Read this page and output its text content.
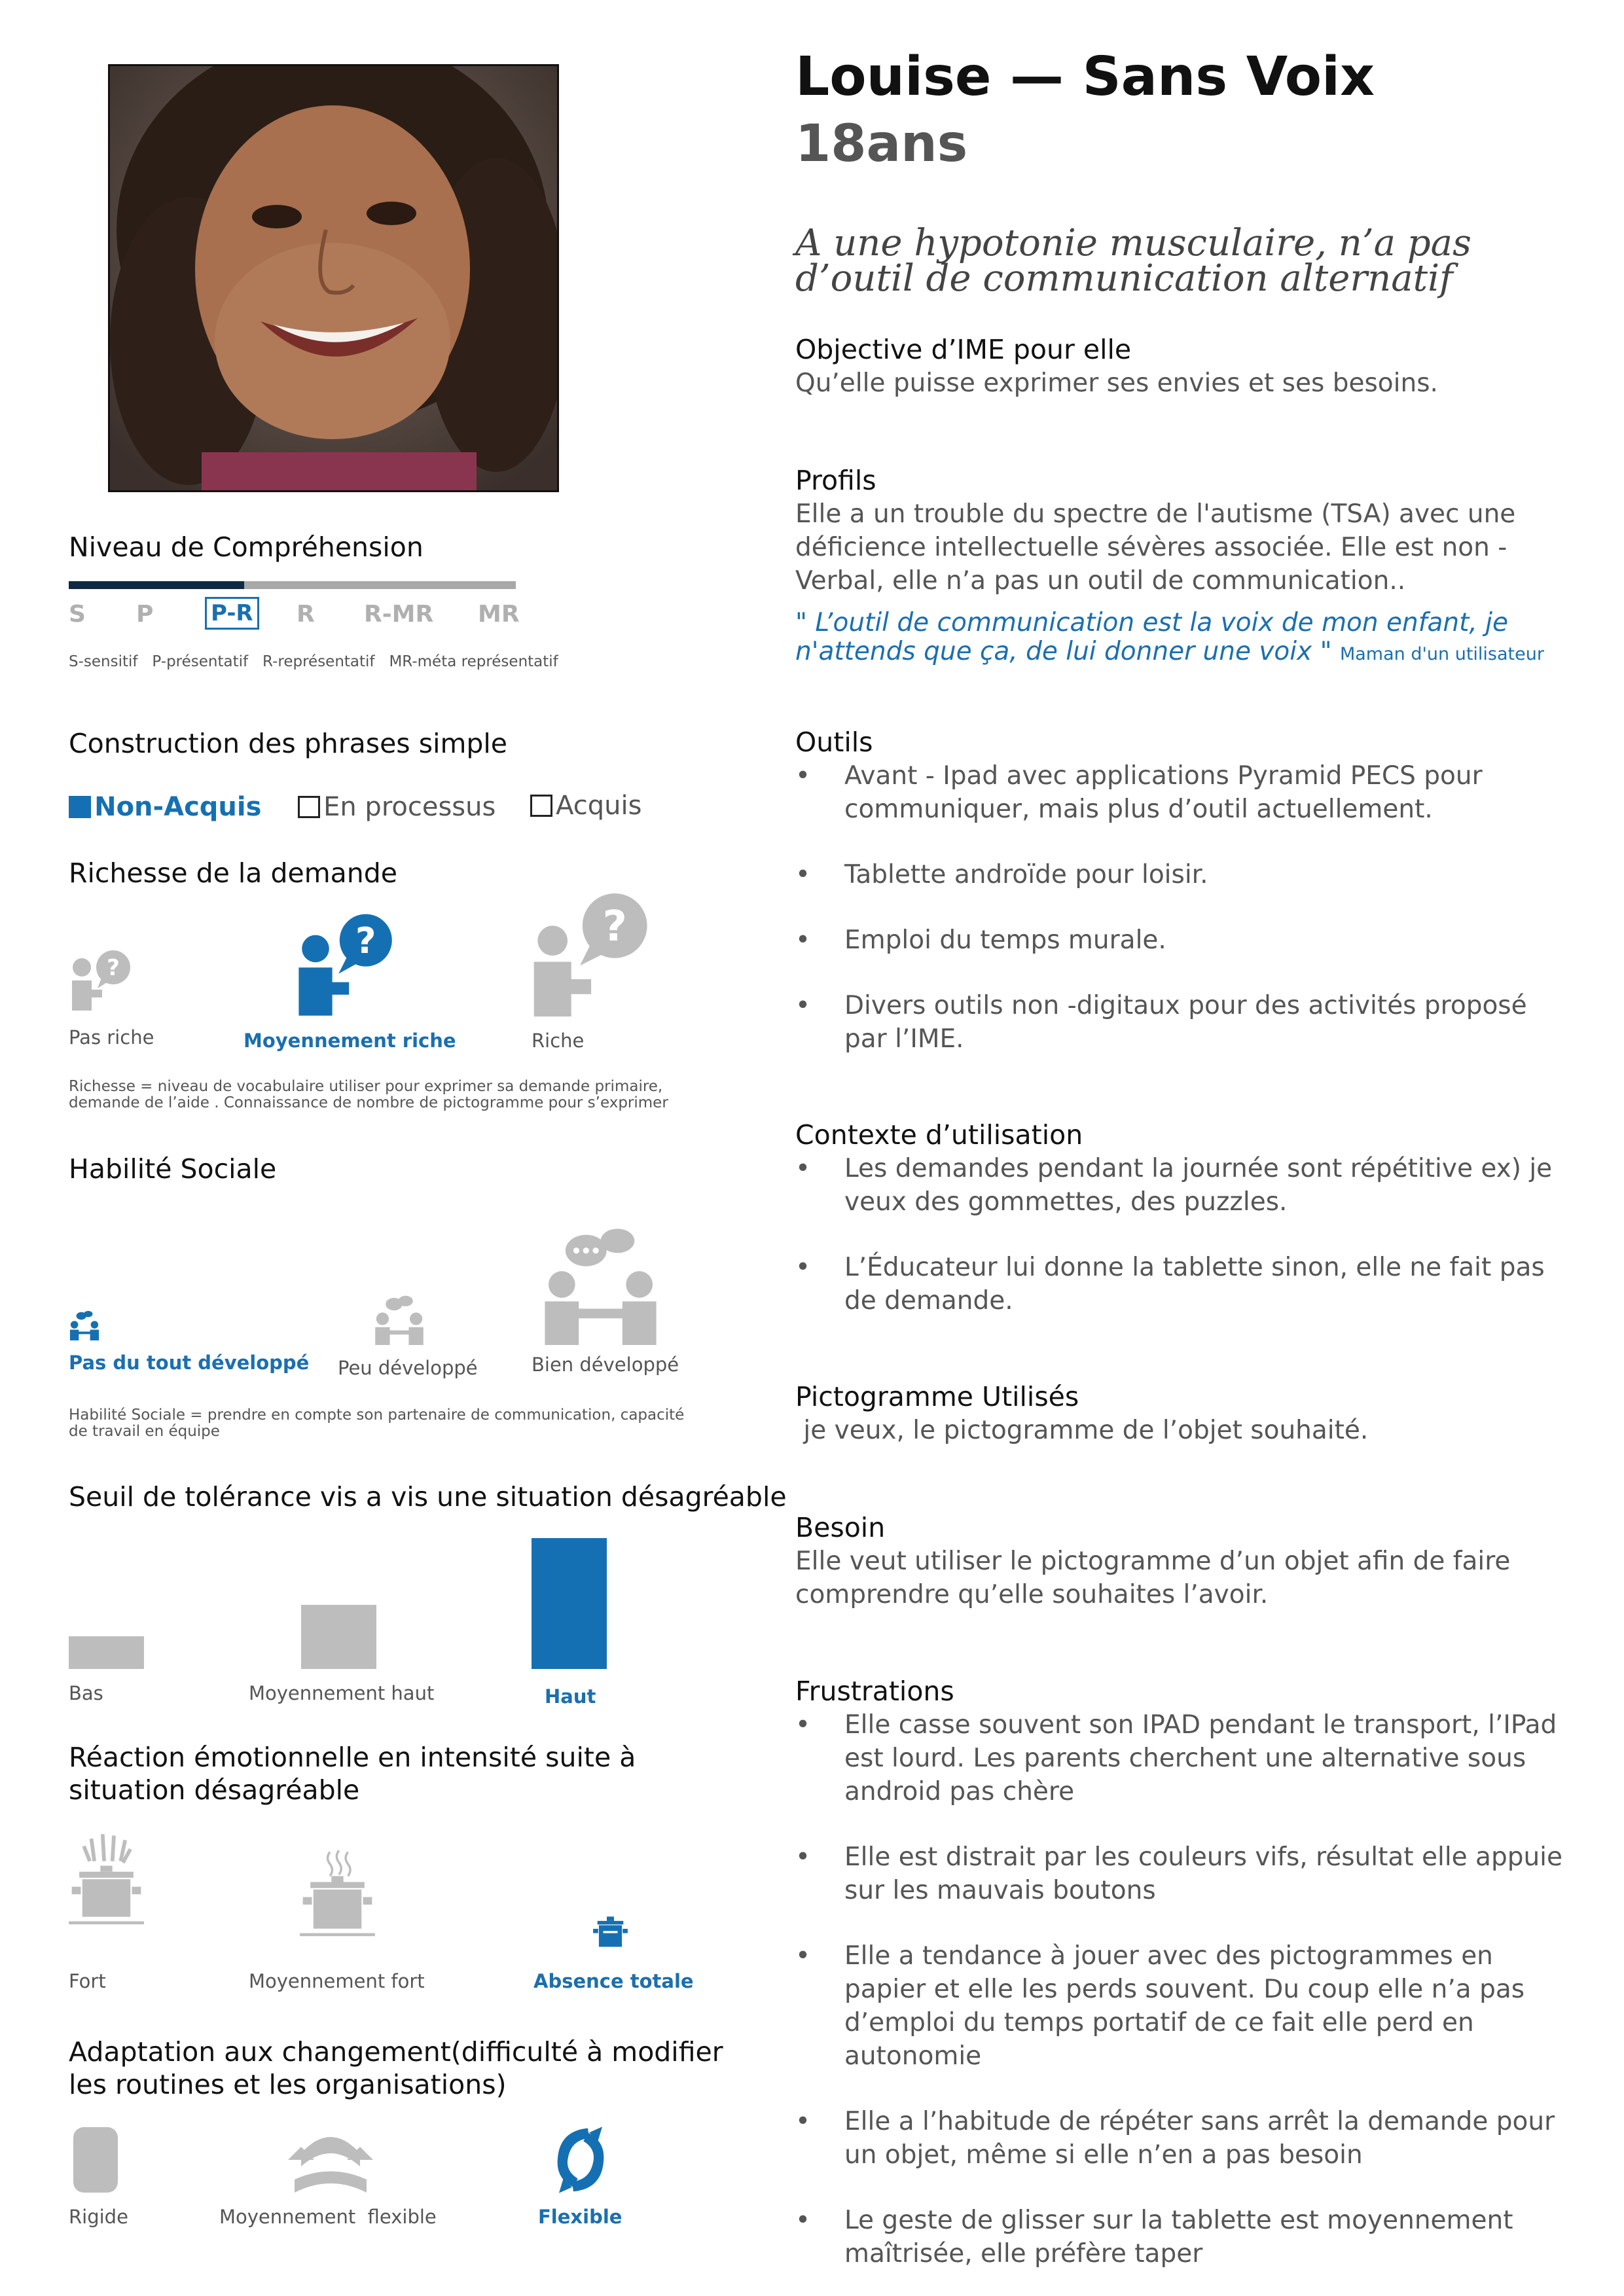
Niveau de Compréhension
S P	P-R R R-MR MR
S-sensitif   P-présentatif   R-représentatif   MR-méta représentatif
Construction des phrases simple
Non-Acquis	En processus	Acquis
Richesse de la demande
?
?	?
Pas riche	Moyennement riche	Riche
Richesse = niveau de vocabulaire utiliser pour exprimer sa demande primaire, demande de l’aide . Connaissance de nombre de pictogramme pour s’exprimer
Habilité Sociale
Pas du tout développé Peu développé	Bien développé
Habilité Sociale = prendre en compte son partenaire de communication, capacité de travail en équipe
Seuil de tolérance vis a vis une situation désagréable
Bas	Moyennement haut	Haut
Réaction émotionnelle en intensité suite à situation désagréable
Fort	Moyennement fort	Absence totale
Adaptation aux changement(difficulté à modifier les routines et les organisations)
Rigide	Moyennement  flexible	Flexible
Louise — Sans Voix
18ans
A une hypotonie musculaire, n’a pas d’outil de communication alternatif
Objective d’IME pour elle
Qu’elle puisse exprimer ses envies et ses besoins.
Profils
Elle a un trouble du spectre de l'autisme (TSA) avec une déficience intellectuelle sévères associée. Elle est non -Verbal, elle n’a pas un outil de communication..
" L’outil de communication est la voix de mon enfant, je n'attends que ça, de lui donner une voix " Maman d'un utilisateur
Outils
• Avant - Ipad avec applications Pyramid PECS pour communiquer, mais plus d’outil actuellement.
• Tablette androïde pour loisir.
• Emploi du temps murale.
• Divers outils non -digitaux pour des activités proposé par l’IME.
Contexte d’utilisation
• Les demandes pendant la journée sont répétitive ex) je veux des gommettes, des puzzles.
• L’Éducateur lui donne la tablette sinon, elle ne fait pas de demande.
Pictogramme Utilisés
je veux, le pictogramme de l’objet souhaité.
Besoin
Elle veut utiliser le pictogramme d’un objet afin de faire comprendre qu’elle souhaites l’avoir.
Frustrations
• Elle casse souvent son IPAD pendant le transport, l’IPad est lourd. Les parents cherchent une alternative sous android pas chère
• Elle est distrait par les couleurs vifs, résultat elle appuie sur les mauvais boutons
• Elle a tendance à jouer avec des pictogrammes en papier et elle les perds souvent. Du coup elle n’a pas d’emploi du temps portatif de ce fait elle perd en autonomie
• Elle a l’habitude de répéter sans arrêt la demande pour un objet, même si elle n’en a pas besoin
• Le geste de glisser sur la tablette est moyennement maîtrisée, elle préfère taper
